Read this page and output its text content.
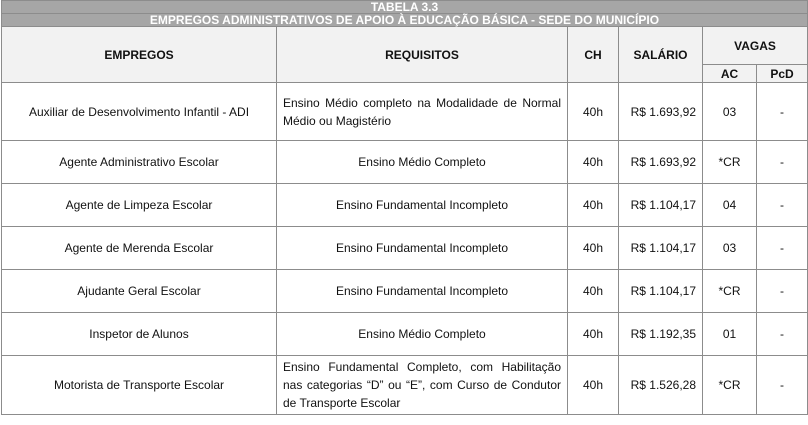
TABELA 3.3					
EMPREGOS ADMINISTRATIVOS DE APOIO À EDUCAÇÃO BÁSICA - SEDE DO MUNICÍPIO					
EMPREGOS	REQUISITOS	CH	SALÁRIO	VAGAS	
				AC	PcD
Auxiliar de Desenvolvimento Infantil - ADI	Ensino Médio completo na Modalidade de Normal Médio ou Magistério	40h	R$ 1.693,92	03	-
Agente Administrativo Escolar	Ensino Médio Completo	40h	R$ 1.693,92	*CR	-
Agente de Limpeza Escolar	Ensino Fundamental Incompleto	40h	R$ 1.104,17	04	-
Agente de Merenda Escolar	Ensino Fundamental Incompleto	40h	R$ 1.104,17	03	-
Ajudante Geral Escolar	Ensino Fundamental Incompleto	40h	R$ 1.104,17	*CR	-
Inspetor de Alunos	Ensino Médio Completo	40h	R$ 1.192,35	01	-
Motorista de Transporte Escolar	Ensino Fundamental Completo, com Habilitação nas categorias “D” ou “E”, com Curso de Condutor de Transporte Escolar	40h	R$ 1.526,28	*CR	-
